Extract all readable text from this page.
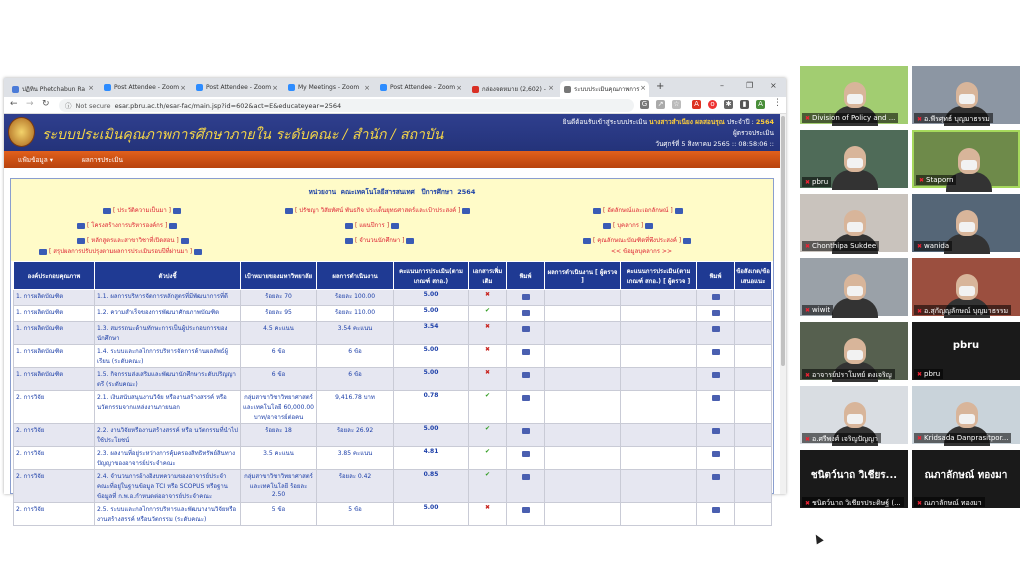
ปฏิทิน Phetchabun Ra ×	Post Attendee - Zoom ×	Post Attendee - Zoom ×	My Meetings - Zoom ×	Post Attendee - Zoom ×	กล่องจดหมาย (2,602) - ×	ระบบประเมินคุณภาพการ × +	–	❐ ×
← → ↻	ⓘ Not secure esar.pbru.ac.th/esar-fac/main.jsp?id=602&act=E&educateyear=2564	G ↗ ☆ A	o	✱	▮	A ⋮
ระบบประเมินคุณภาพการศึกษาภายใน ระดับคณะ / สำนัก / สถาบัน
ยินดีต้อนรับเข้าสู่ระบบประเมิน นางสาวสำเนียง ผลสอนรุณ ประจำปี : 2564
ผู้ตรวจประเมิน
วันศุกร์ที่ 5 สิงหาคม 2565 :: 08:58:06 ::
แฟ้มข้อมูล ▾	ผลการประเมิน
หน่วยงาน คณะเทคโนโลยีสารสนเทศ ปีการศึกษา 2564
[ ประวัติความเป็นมา ]	[ ปรัชญา วิสัยทัศน์ พันธกิจ ประเด็นยุทธศาสตร์และเป้าประสงค์ ]	[ อัตลักษณ์และเอกลักษณ์ ]
[ โครงสร้างการบริหารองค์กร ]	[ แผนปีการ ]	[ บุคลากร ]
[ หลักสูตรและสาขาวิชาที่เปิดสอน ]	[ จำนวนนักศึกษา ]	[ คุณลักษณะบัณฑิตที่พึงประสงค์ ]
[ สรุปผลการปรับปรุงตามผลการประเมินรอบปีที่ผ่านมา ]	<< ข้อมูลบุคลากร >>
องค์ประกอบคุณภาพ	ตัวบ่งชี้	เป้าหมายของมหาวิทยาลัย	ผลการดำเนินงาน	คะแนนการประเมิน(ตามเกณฑ์ สกอ.)	เอกสารเพิ่มเติม	พิมพ์	ผลการดำเนินงาน [ ผู้ตรวจ ]	คะแนนการประเมิน(ตามเกณฑ์ สกอ.) [ ผู้ตรวจ ]	พิมพ์	ข้อสังเกต/ข้อเสนอแนะ
1. การผลิตบัณฑิต	1.1. ผลการบริหารจัดการหลักสูตรที่มีพัฒนาการที่ดี	ร้อยละ 70	ร้อยละ 100.00	5.00	✖					
1. การผลิตบัณฑิต	1.2. ความสำเร็จของการพัฒนาศักยภาพบัณฑิต	ร้อยละ 95	ร้อยละ 110.00	5.00	✔					
1. การผลิตบัณฑิต	1.3. สมรรถนะด้านทักษะการเป็นผู้ประกอบการของนักศึกษา	4.5 คะแนน	3.54 คะแนน	3.54	✖					
1. การผลิตบัณฑิต	1.4. ระบบและกลไกการบริหารจัดการด้านผลลัพธ์ผู้เรียน (ระดับคณะ)	6 ข้อ	6 ข้อ	5.00	✖					
1. การผลิตบัณฑิต	1.5. กิจกรรมส่งเสริมและพัฒนานักศึกษาระดับปริญญาตรี (ระดับคณะ)	6 ข้อ	6 ข้อ	5.00	✖					
2. การวิจัย	2.1. เงินสนับสนุนงานวิจัย หรืองานสร้างสรรค์ หรือนวัตกรรมจากแหล่งงานภายนอก	กลุ่มสาขาวิชาวิทยาศาสตร์และเทคโนโลยี 60,000.00 บาท/อาจารย์ต่อคน	9,416.78 บาท	0.78	✔					
2. การวิจัย	2.2. งานวิจัยหรืองานสร้างสรรค์ หรือ นวัตกรรมที่นำไปใช้ประโยชน์	ร้อยละ 18	ร้อยละ 26.92	5.00	✔					
2. การวิจัย	2.3. ผลงานที่อยู่ระหว่างการคุ้มครองสิทธิทรัพย์สินทางปัญญาของอาจารย์ประจำคณะ	3.5 คะแนน	3.85 คะแนน	4.81	✔					
2. การวิจัย	2.4. จำนวนการอ้างอิงบทความของอาจารย์ประจำคณะที่อยู่ในฐานข้อมูล TCI หรือ SCOPUS หรือฐานข้อมูลที่ ก.พ.อ.กำหนดต่ออาจารย์ประจำคณะ	กลุ่มสาขาวิชาวิทยาศาสตร์และเทคโนโลยี ร้อยละ 2.50	ร้อยละ 0.42	0.85	✔					
2. การวิจัย	2.5. ระบบและกลไกการบริหารและพัฒนางานวิจัยหรืองานสร้างสรรค์ หรือนวัตกรรม (ระดับคณะ)	5 ข้อ	5 ข้อ	5.00	✖					
✖ Division of Policy and ...	✖ อ.พีรศุทธ์ บุญมาธรรม
✖ pbru	✖ Staporn
✖ Chonthipa Sukdee	✖ wanida
✖ wiwit	✖ อ.สุกัญญลักษณ์ บุญมาธรรม
✖ อาจารย์ปราโมทย์ ดงเจริญ
pbru
✖ pbru
✖ อ.ศรีพงศ์ เจริญปัญญา	✖ Kridsada Danprasitpor...
ชนิตว์นาถ วิเชียร...
✖ ชนิตว์นาถ วิเชียรประดิษฐ์ (...
ณภาลักษณ์ ทองมา
✖ ณภาลักษณ์ ทองมา
